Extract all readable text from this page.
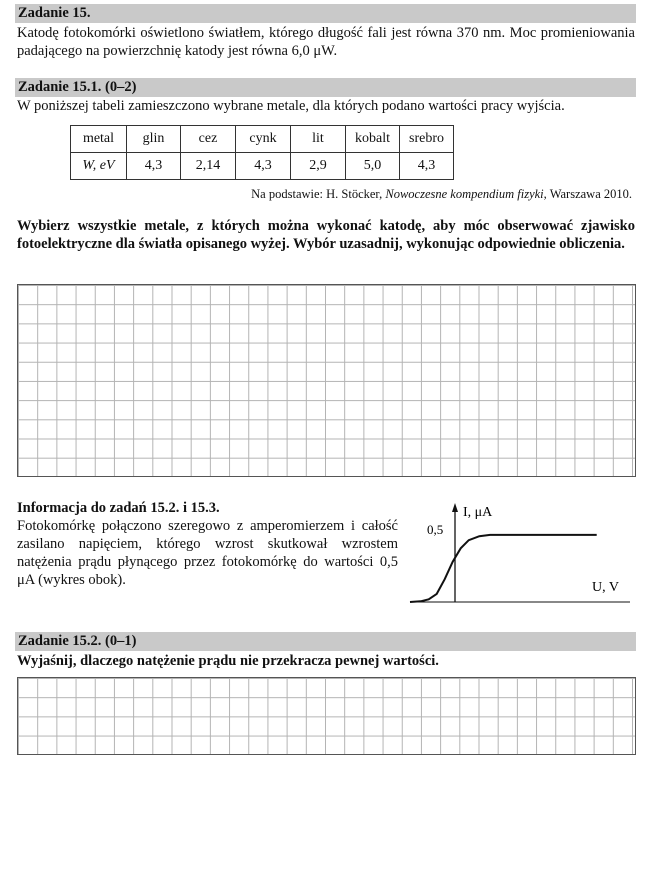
Zadanie 15.
Katodę fotokomórki oświetlono światłem, którego długość fali jest równa 370 nm. Moc promieniowania padającego na powierzchnię katody jest równa 6,0 μW.
Zadanie 15.1. (0–2)
W poniższej tabeli zamieszczono wybrane metale, dla których podano wartości pracy wyjścia.
metal	glin	cez	cynk	lit	kobalt	srebro
W, eV	4,3	2,14	4,3	2,9	5,0	4,3
Na podstawie: H. Stöcker, Nowoczesne kompendium fizyki, Warszawa 2010.
Wybierz wszystkie metale, z których można wykonać katodę, aby móc obserwować zjawisko fotoelektryczne dla światła opisanego wyżej. Wybór uzasadnij, wykonując odpowiednie obliczenia.
Informacja do zadań 15.2. i 15.3.
Fotokomórkę połączono szeregowo z amperomierzem i całość zasilano napięciem, którego wzrost skutkował wzrostem natężenia prądu płynącego przez fotokomórkę do wartości 0,5 μA (wykres obok).
I, μA
0,5
U, V
Zadanie 15.2. (0–1)
Wyjaśnij, dlaczego natężenie prądu nie przekracza pewnej wartości.
